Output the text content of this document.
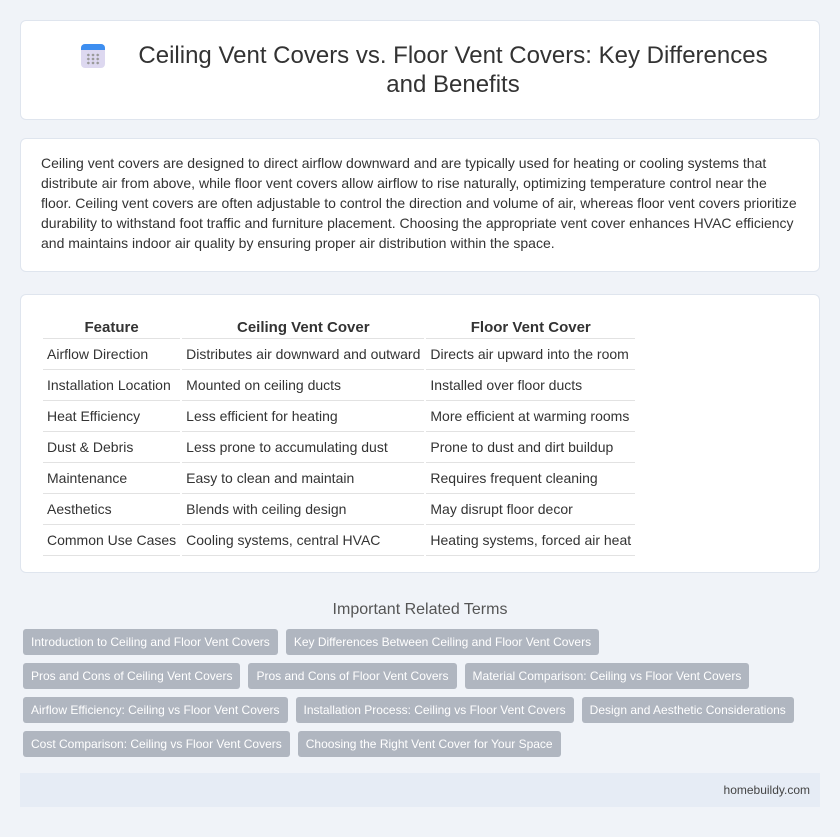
Ceiling Vent Covers vs. Floor Vent Covers: Key Differences and Benefits

Ceiling vent covers are designed to direct airflow downward and are typically used for heating or cooling systems that distribute air from above, while floor vent covers allow airflow to rise naturally, optimizing temperature control near the floor. Ceiling vent covers are often adjustable to control the direction and volume of air, whereas floor vent covers prioritize durability to withstand foot traffic and furniture placement. Choosing the appropriate vent cover enhances HVAC efficiency and maintains indoor air quality by ensuring proper air distribution within the space.

Feature	Ceiling Vent Cover	Floor Vent Cover
Airflow Direction	Distributes air downward and outward	Directs air upward into the room
Installation Location	Mounted on ceiling ducts	Installed over floor ducts
Heat Efficiency	Less efficient for heating	More efficient at warming rooms
Dust & Debris	Less prone to accumulating dust	Prone to dust and dirt buildup
Maintenance	Easy to clean and maintain	Requires frequent cleaning
Aesthetics	Blends with ceiling design	May disrupt floor decor
Common Use Cases	Cooling systems, central HVAC	Heating systems, forced air heat
Important Related Terms
Introduction to Ceiling and Floor Vent Covers	Key Differences Between Ceiling and Floor Vent Covers
Pros and Cons of Ceiling Vent Covers	Pros and Cons of Floor Vent Covers	Material Comparison: Ceiling vs Floor Vent Covers
Airflow Efficiency: Ceiling vs Floor Vent Covers	Installation Process: Ceiling vs Floor Vent Covers	Design and Aesthetic Considerations
Cost Comparison: Ceiling vs Floor Vent Covers	Choosing the Right Vent Cover for Your Space
homebuildy.com
